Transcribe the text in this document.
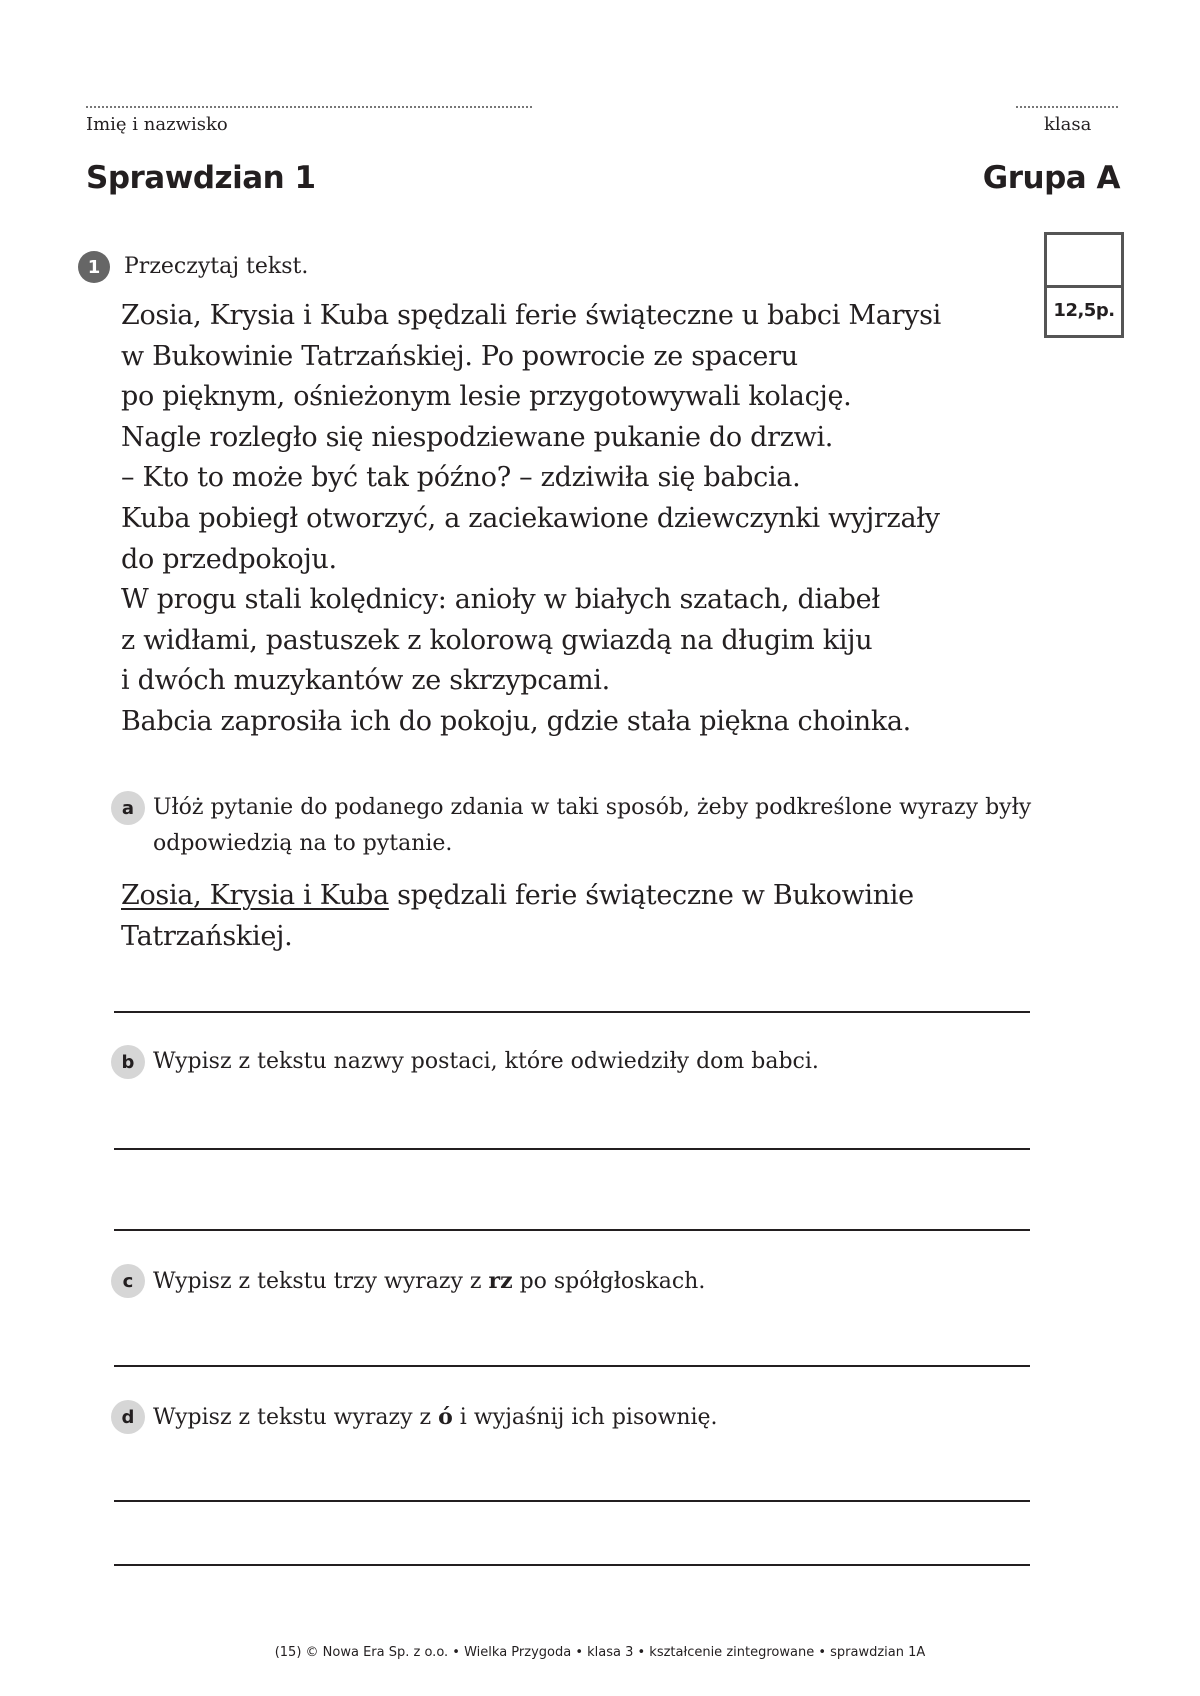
Imię i nazwisko	klasa
Sprawdzian 1	Grupa A
12,5p.
1	Przeczytaj tekst.
Zosia, Krysia i Kuba spędzali ferie świąteczne u babci Marysi
w Bukowinie Tatrzańskiej. Po powrocie ze spaceru
po pięknym, ośnieżonym lesie przygotowywali kolację.
Nagle rozległo się niespodziewane pukanie do drzwi.
– Kto to może być tak późno? – zdziwiła się babcia.
Kuba pobiegł otworzyć, a zaciekawione dziewczynki wyjrzały
do przedpokoju.
W progu stali kolędnicy: anioły w białych szatach, diabeł
z widłami, pastuszek z kolorową gwiazdą na długim kiju
i dwóch muzykantów ze skrzypcami.
Babcia zaprosiła ich do pokoju, gdzie stała piękna choinka.
a Ułóż pytanie do podanego zdania w taki sposób, żeby podkreślone wyrazy były
odpowiedzią na to pytanie.
Zosia, Krysia i Kuba spędzali ferie świąteczne w Bukowinie
Tatrzańskiej.
b Wypisz z tekstu nazwy postaci, które odwiedziły dom babci.
c Wypisz z tekstu trzy wyrazy z rz po spółgłoskach.
d Wypisz z tekstu wyrazy z ó i wyjaśnij ich pisownię.
(15) © Nowa Era Sp. z o.o. • Wielka Przygoda • klasa 3 • kształcenie zintegrowane • sprawdzian 1A
